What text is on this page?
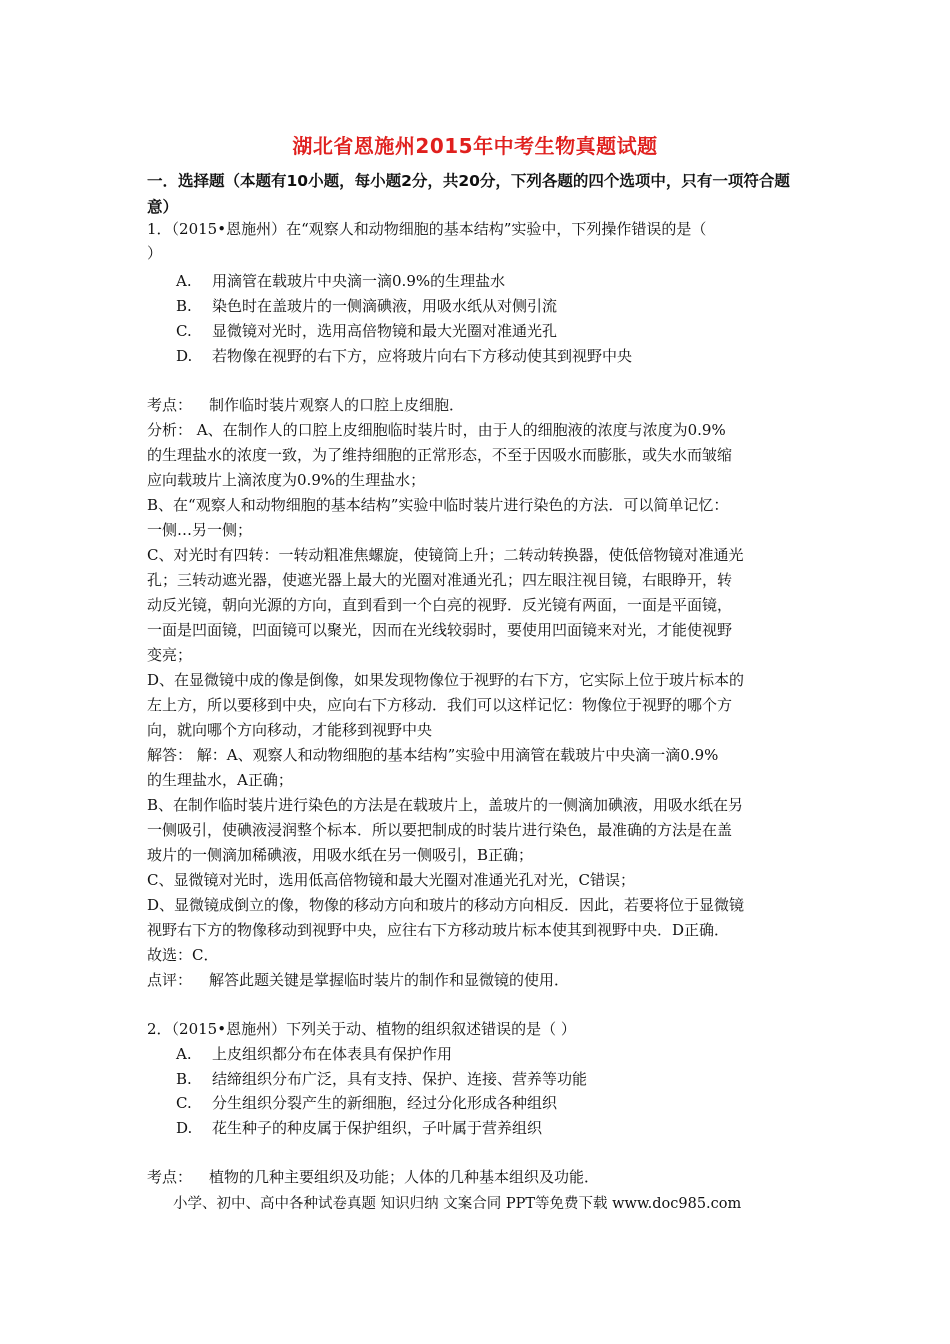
湖北省恩施州2015年中考生物真题试题
一．选择题（本题有10小题，每小题2分，共20分，下列各题的四个选项中，只有一项符合题意）
1．（2015•恩施州）在“观察人和动物细胞的基本结构”实验中，下列操作错误的是（
）
A. 用滴管在载玻片中央滴一滴0.9%的生理盐水
B. 染色时在盖玻片的一侧滴碘液，用吸水纸从对侧引流
C. 显微镜对光时，选用高倍物镜和最大光圈对准通光孔
D. 若物像在视野的右下方，应将玻片向右下方移动使其到视野中央
考点： 制作临时装片观察人的口腔上皮细胞．
分析： A、在制作人的口腔上皮细胞临时装片时，由于人的细胞液的浓度与浓度为0.9%
的生理盐水的浓度一致，为了维持细胞的正常形态，不至于因吸水而膨胀，或失水而皱缩
应向载玻片上滴浓度为0.9%的生理盐水；
B、在“观察人和动物细胞的基本结构”实验中临时装片进行染色的方法．可以简单记忆：
一侧…另一侧；
C、对光时有四转：一转动粗准焦螺旋，使镜筒上升；二转动转换器，使低倍物镜对准通光
孔；三转动遮光器，使遮光器上最大的光圈对准通光孔；四左眼注视目镜，右眼睁开，转
动反光镜，朝向光源的方向，直到看到一个白亮的视野．反光镜有两面，一面是平面镜，
一面是凹面镜，凹面镜可以聚光，因而在光线较弱时，要使用凹面镜来对光，才能使视野
变亮；
D、在显微镜中成的像是倒像，如果发现物像位于视野的右下方，它实际上位于玻片标本的
左上方，所以要移到中央，应向右下方移动．我们可以这样记忆：物像位于视野的哪个方
向，就向哪个方向移动，才能移到视野中央
解答： 解：A、观察人和动物细胞的基本结构”实验中用滴管在载玻片中央滴一滴0.9%
的生理盐水，A正确；
B、在制作临时装片进行染色的方法是在载玻片上，盖玻片的一侧滴加碘液，用吸水纸在另
一侧吸引，使碘液浸润整个标本．所以要把制成的时装片进行染色，最准确的方法是在盖
玻片的一侧滴加稀碘液，用吸水纸在另一侧吸引，B正确；
C、显微镜对光时，选用低高倍物镜和最大光圈对准通光孔对光，C错误；
D、显微镜成倒立的像，物像的移动方向和玻片的移动方向相反．因此，若要将位于显微镜
视野右下方的物像移动到视野中央，应往右下方移动玻片标本使其到视野中央．D正确．
故选：C．
点评： 解答此题关键是掌握临时装片的制作和显微镜的使用．
2．（2015•恩施州）下列关于动、植物的组织叙述错误的是（ ）
A. 上皮组织都分布在体表具有保护作用
B. 结缔组织分布广泛，具有支持、保护、连接、营养等功能
C. 分生组织分裂产生的新细胞，经过分化形成各种组织
D. 花生种子的种皮属于保护组织，子叶属于营养组织
考点： 植物的几种主要组织及功能；人体的几种基本组织及功能．
小学、初中、高中各种试卷真题 知识归纳 文案合同 PPT等免费下载 www.doc985.com
